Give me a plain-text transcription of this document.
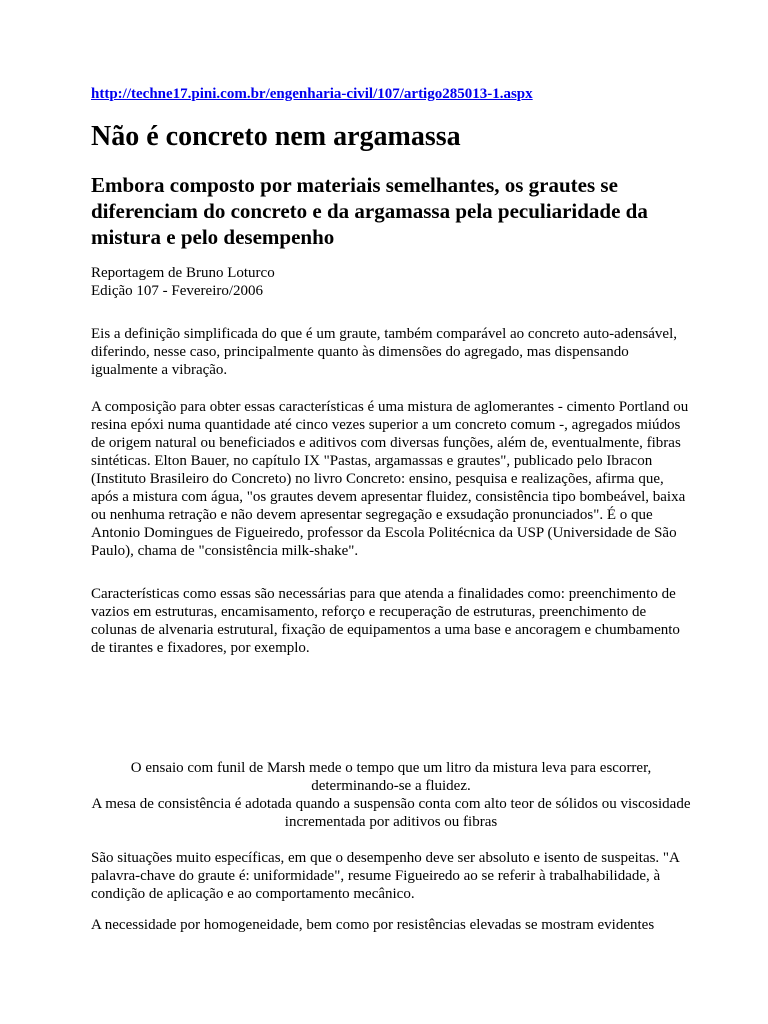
http://techne17.pini.com.br/engenharia-civil/107/artigo285013-1.aspx
Não é concreto nem argamassa
Embora composto por materiais semelhantes, os grautes se diferenciam do concreto e da argamassa pela peculiaridade da mistura e pelo desempenho
Reportagem de Bruno Loturco
Edição 107 - Fevereiro/2006

Eis a definição simplificada do que é um graute, também comparável ao concreto auto-adensável, diferindo, nesse caso, principalmente quanto às dimensões do agregado, mas dispensando igualmente a vibração.

A composição para obter essas características é uma mistura de aglomerantes - cimento Portland ou resina epóxi numa quantidade até cinco vezes superior a um concreto comum -, agregados miúdos de origem natural ou beneficiados e aditivos com diversas funções, além de, eventualmente, fibras sintéticas. Elton Bauer, no capítulo IX "Pastas, argamassas e grautes", publicado pelo Ibracon (Instituto Brasileiro do Concreto) no livro Concreto: ensino, pesquisa e realizações, afirma que, após a mistura com água, "os grautes devem apresentar fluidez, consistência tipo bombeável, baixa ou nenhuma retração e não devem apresentar segregação e exsudação pronunciados". É o que Antonio Domingues de Figueiredo, professor da Escola Politécnica da USP (Universidade de São Paulo), chama de "consistência milk-shake".

Características como essas são necessárias para que atenda a finalidades como: preenchimento de vazios em estruturas, encamisamento, reforço e recuperação de estruturas, preenchimento de colunas de alvenaria estrutural, fixação de equipamentos a uma base e ancoragem e chumbamento de tirantes e fixadores, por exemplo.

O ensaio com funil de Marsh mede o tempo que um litro da mistura leva para escorrer, determinando-se a fluidez.
A mesa de consistência é adotada quando a suspensão conta com alto teor de sólidos ou viscosidade incrementada por aditivos ou fibras

São situações muito específicas, em que o desempenho deve ser absoluto e isento de suspeitas. "A palavra-chave do graute é: uniformidade", resume Figueiredo ao se referir à trabalhabilidade, à condição de aplicação e ao comportamento mecânico.

A necessidade por homogeneidade, bem como por resistências elevadas se mostram evidentes
